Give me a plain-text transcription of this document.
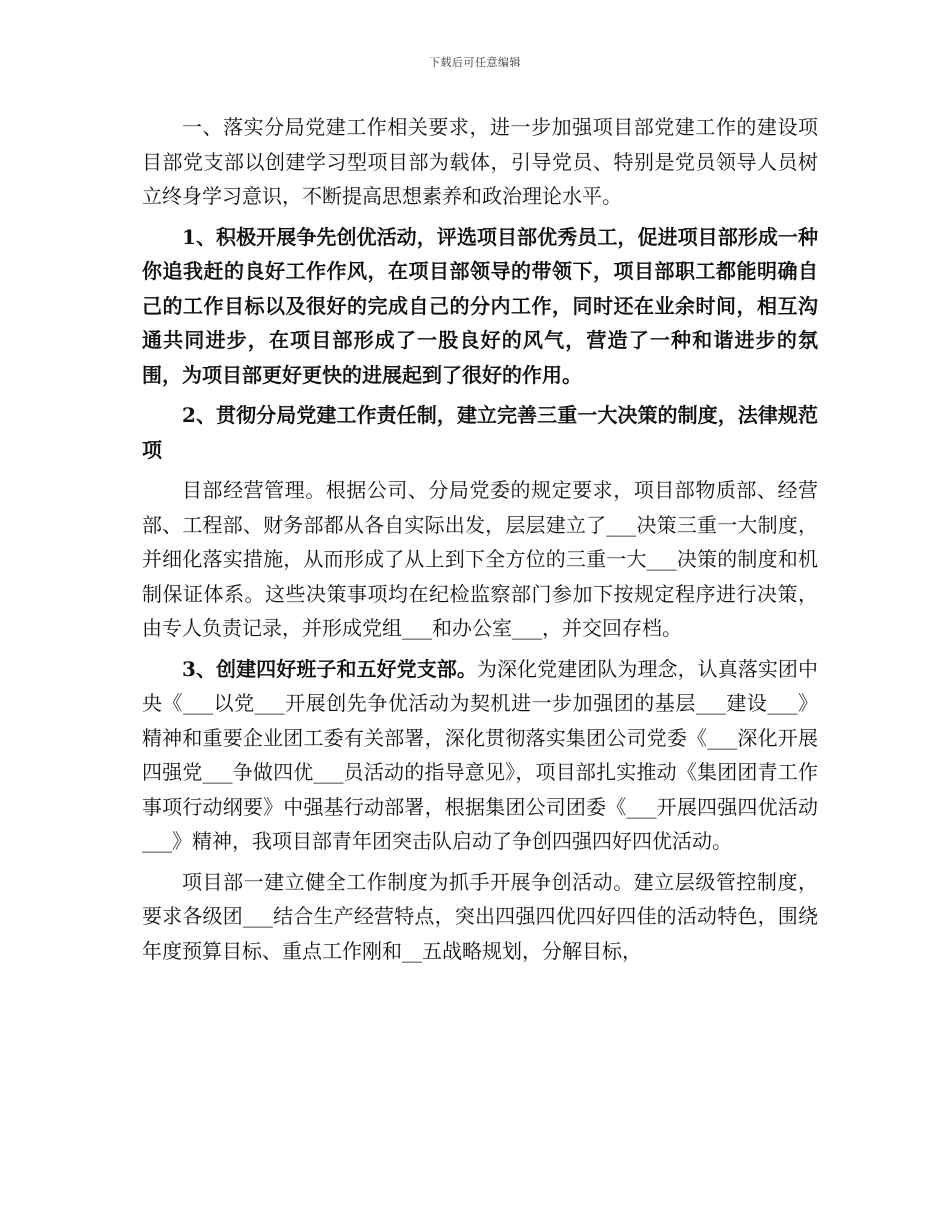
下载后可任意编辑

一、落实分局党建工作相关要求，进一步加强项目部党建工作的建设项目部党支部以创建学习型项目部为载体，引导党员、特别是党员领导人员树立终身学习意识，不断提高思想素养和政治理论水平。

1、积极开展争先创优活动，评选项目部优秀员工，促进项目部形成一种你追我赶的良好工作作风，在项目部领导的带领下，项目部职工都能明确自己的工作目标以及很好的完成自己的分内工作，同时还在业余时间，相互沟通共同进步，在项目部形成了一股良好的风气，营造了一种和谐进步的氛围，为项目部更好更快的进展起到了很好的作用。

2、贯彻分局党建工作责任制，建立完善三重一大决策的制度，法律规范项

目部经营管理。根据公司、分局党委的规定要求，项目部物质部、经营部、工程部、财务部都从各自实际出发，层层建立了___决策三重一大制度，并细化落实措施，从而形成了从上到下全方位的三重一大___决策的制度和机制保证体系。这些决策事项均在纪检监察部门参加下按规定程序进行决策，由专人负责记录，并形成党组___和办公室___，并交回存档。

3、创建四好班子和五好党支部。为深化党建团队为理念，认真落实团中央《___以党___开展创先争优活动为契机进一步加强团的基层___建设___》精神和重要企业团工委有关部署，深化贯彻落实集团公司党委《___深化开展四强党___争做四优___员活动的指导意见》，项目部扎实推动《集团团青工作事项行动纲要》中强基行动部署，根据集团公司团委《___开展四强四优活动___》精神，我项目部青年团突击队启动了争创四强四好四优活动。

项目部一建立健全工作制度为抓手开展争创活动。建立层级管控制度，要求各级团___结合生产经营特点，突出四强四优四好四佳的活动特色，围绕年度预算目标、重点工作刚和__五战略规划，分解目标，
